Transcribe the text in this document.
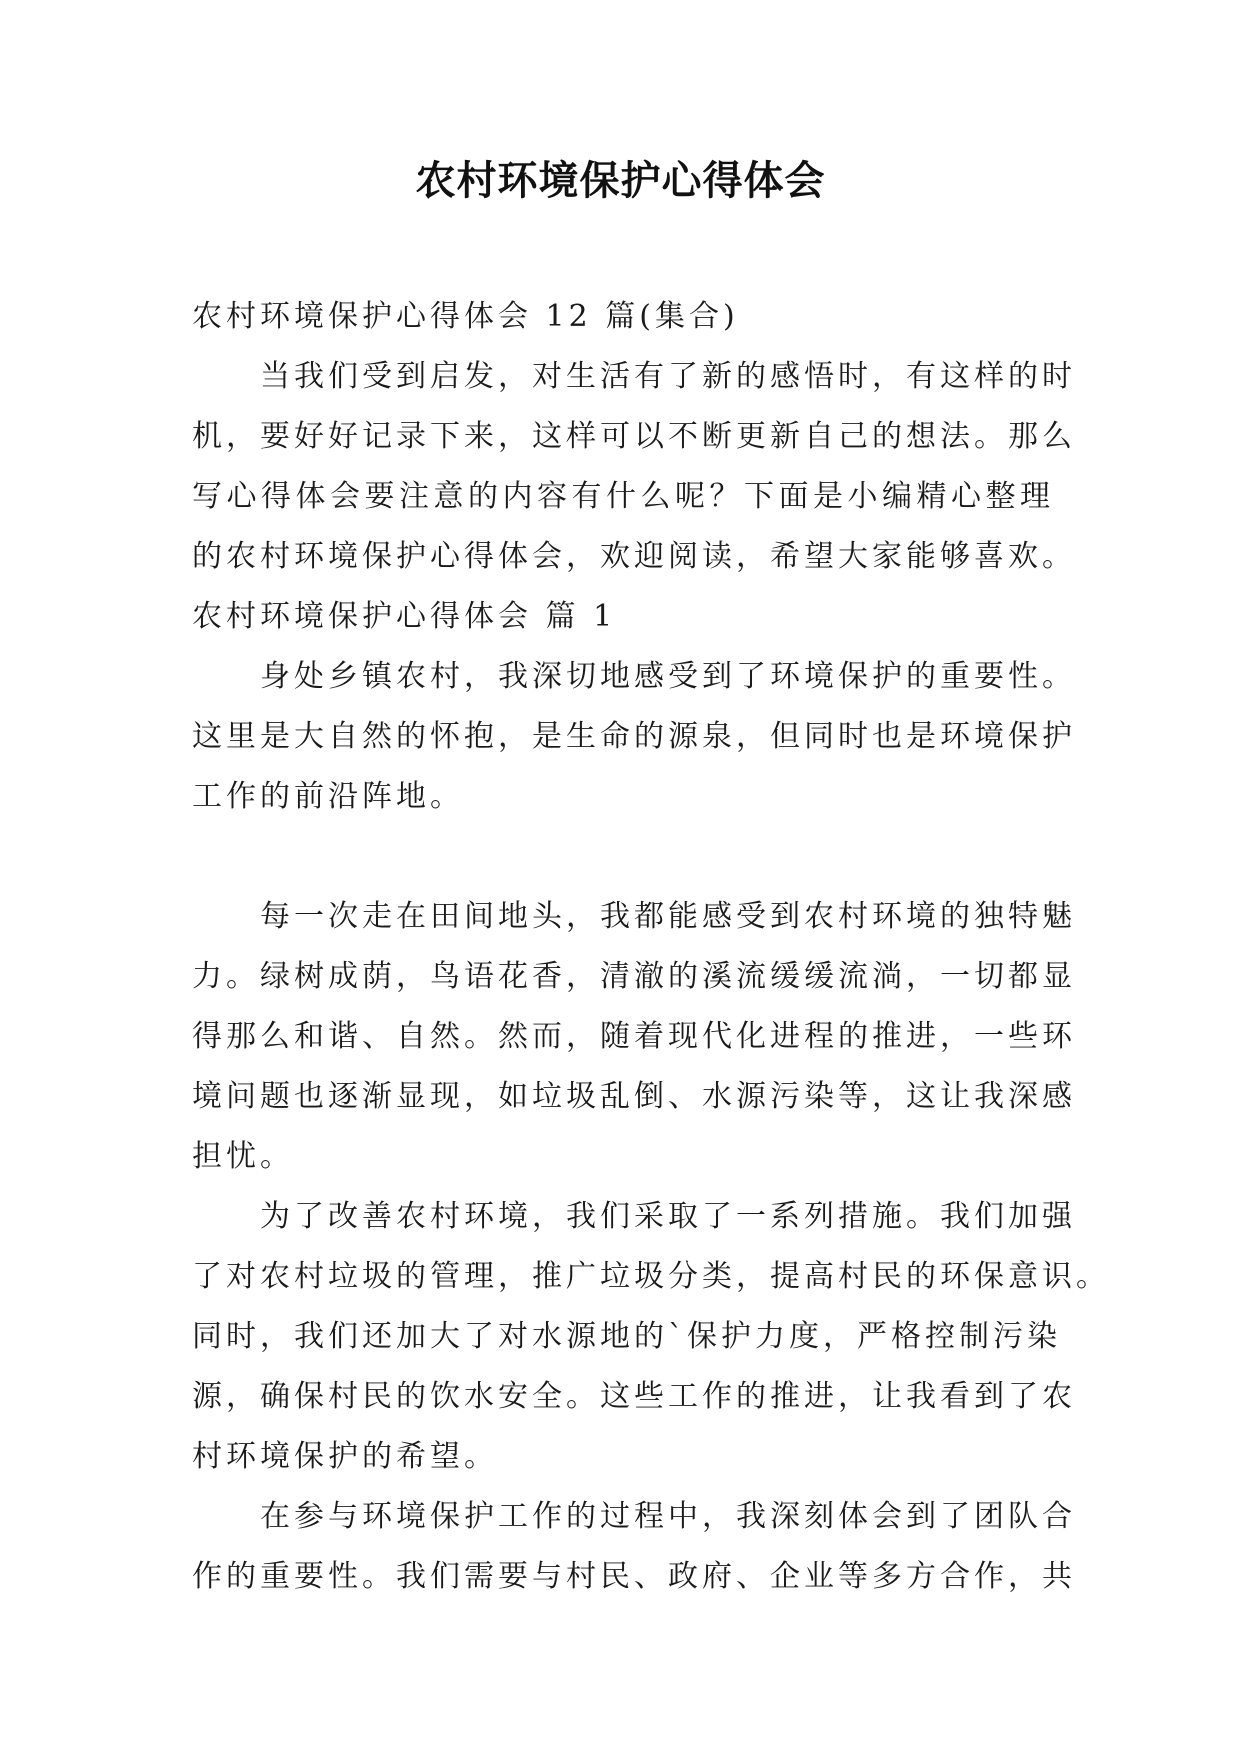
农村环境保护心得体会

农村环境保护心得体会 12 篇(集合)

当我们受到启发，对生活有了新的感悟时，有这样的时

机，要好好记录下来，这样可以不断更新自己的想法。那么

写心得体会要注意的内容有什么呢？下面是小编精心整理

的农村环境保护心得体会，欢迎阅读，希望大家能够喜欢。

农村环境保护心得体会 篇 1

身处乡镇农村，我深切地感受到了环境保护的重要性。

这里是大自然的怀抱，是生命的源泉，但同时也是环境保护

工作的前沿阵地。

每一次走在田间地头，我都能感受到农村环境的独特魅

力。绿树成荫，鸟语花香，清澈的溪流缓缓流淌，一切都显

得那么和谐、自然。然而，随着现代化进程的推进，一些环

境问题也逐渐显现，如垃圾乱倒、水源污染等，这让我深感

担忧。

为了改善农村环境，我们采取了一系列措施。我们加强

了对农村垃圾的管理，推广垃圾分类，提高村民的环保意识。

同时，我们还加大了对水源地的`保护力度，严格控制污染

源，确保村民的饮水安全。这些工作的推进，让我看到了农

村环境保护的希望。

在参与环境保护工作的过程中，我深刻体会到了团队合

作的重要性。我们需要与村民、政府、企业等多方合作，共
